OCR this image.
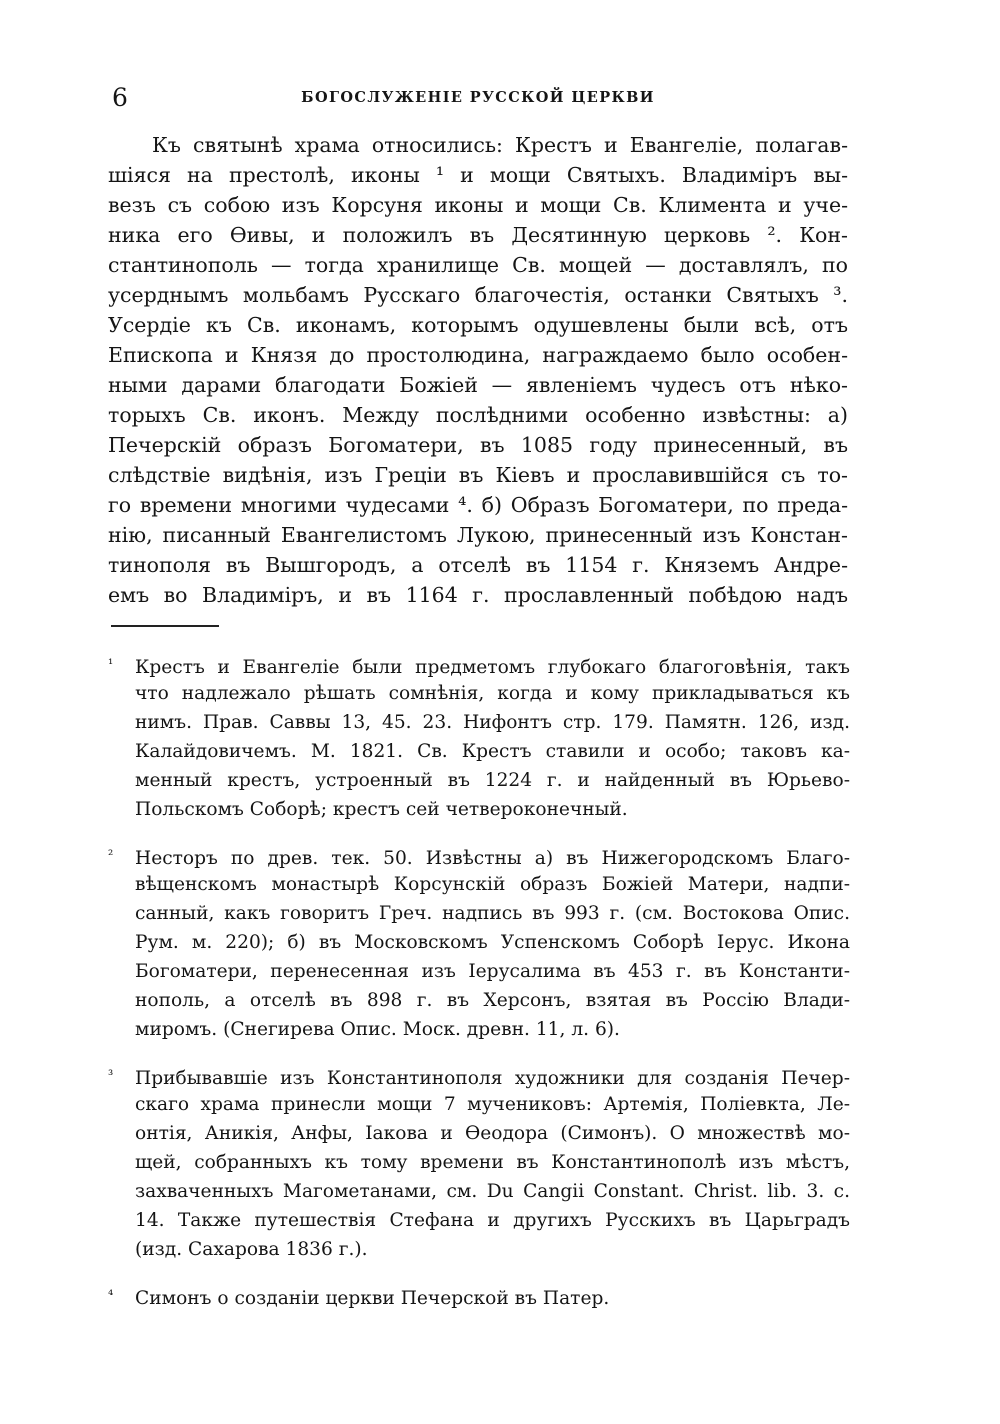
6	БОГОСЛУЖЕНІЕ РУССКОЙ ЦЕРКВИ
Къ святынѣ храма относились: Крестъ и Евангеліе, полагав-
шіяся на престолѣ, иконы ¹ и мощи Святыхъ. Владиміръ вы-
везъ съ собою изъ Корсуня иконы и мощи Св. Климента и уче-
ника его Ѳивы, и положилъ въ Десятинную церковь ². Кон-
стантинополь — тогда хранилище Св. мощей — доставлялъ, по
усерднымъ мольбамъ Русскаго благочестія, останки Святыхъ ³.
Усердіе къ Св. иконамъ, которымъ одушевлены были всѣ, отъ
Епископа и Князя до простолюдина, награждаемо было особен-
ными дарами благодати Божіей — явленіемъ чудесъ отъ нѣко-
торыхъ Св. иконъ. Между послѣдними особенно извѣстны: а)
Печерскій образъ Богоматери, въ 1085 году принесенный, въ
слѣдствіе видѣнія, изъ Греціи въ Кіевъ и прославившійся съ то-
го времени многими чудесами ⁴. б) Образъ Богоматери, по преда-
нію, писанный Евангелистомъ Лукою, принесенный изъ Констан-
тинополя въ Вышгородъ, а отселѣ въ 1154 г. Княземъ Андре-
емъ во Владиміръ, и въ 1164 г. прославленный побѣдою надъ
¹ Крестъ и Евангеліе были предметомъ глубокаго благоговѣнія, такъ
что надлежало рѣшать сомнѣнія, когда и кому прикладываться къ
нимъ. Прав. Саввы 13, 45. 23. Нифонтъ стр. 179. Памятн. 126, изд.
Калайдовичемъ. М. 1821. Св. Крестъ ставили и особо; таковъ ка-
менный крестъ, устроенный въ 1224 г. и найденный въ Юрьево-
Польскомъ Соборѣ; крестъ сей четвероконечный.
² Несторъ по древ. тек. 50. Извѣстны а) въ Нижегородскомъ Благо-
вѣщенскомъ монастырѣ Корсунскій образъ Божіей Матери, надпи-
санный, какъ говоритъ Греч. надпись въ 993 г. (см. Востокова Опис.
Рум. м. 220); б) въ Московскомъ Успенскомъ Соборѣ Іерус. Икона
Богоматери, перенесенная изъ Іерусалима въ 453 г. въ Константи-
нополь, а отселѣ въ 898 г. въ Херсонъ, взятая въ Россію Влади-
миромъ. (Снегирева Опис. Моск. древн. 11, л. 6).
³ Прибывавшіе изъ Константинополя художники для созданія Печер-
скаго храма принесли мощи 7 мучениковъ: Артемія, Поліевкта, Ле-
онтія, Аникія, Анфы, Іакова и Ѳеодора (Симонъ). О множествѣ мо-
щей, собранныхъ къ тому времени въ Константинополѣ изъ мѣстъ,
захваченныхъ Магометанами, см. Du Cangii Constant. Christ. lib. 3. c.
14. Также путешествія Стефана и другихъ Русскихъ въ Царьградъ
(изд. Сахарова 1836 г.).
⁴ Симонъ о созданіи церкви Печерской въ Патер.
